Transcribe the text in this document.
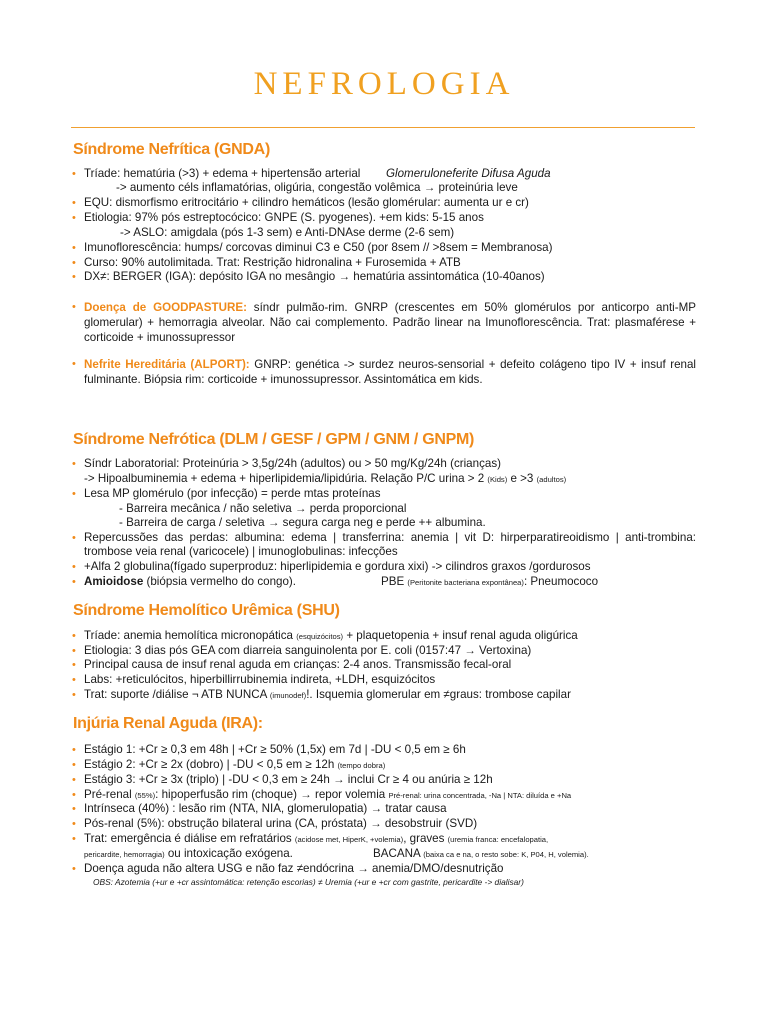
NEFROLOGIA
Síndrome Nefrítica (GNDA)
• Tríade: hematúria (>3) + edema + hipertensão arterial Glomeruloneferite Difusa Aguda

-> aumento céls inflamatórias, oligúria, congestão volêmica → proteinúria leve

• EQU: dismorfismo eritrocitário + cilindro hemáticos (lesão glomérular: aumenta ur e cr)

• Etiologia: 97% pós estreptocócico: GNPE (S. pyogenes). +em kids: 5-15 anos

-> ASLO: amigdala (pós 1-3 sem) e Anti-DNAse derme (2-6 sem)

• Imunoflorescência: humps/ corcovas diminui C3 e C50 (por 8sem // >8sem = Membranosa)

• Curso: 90% autolimitada. Trat: Restrição hidronalina + Furosemida + ATB

• DX≠: BERGER (IGA): depósito IGA no mesângio → hematúria assintomática (10-40anos)

• Doença de GOODPASTURE: síndr pulmão-rim. GNRP (crescentes em 50% glomérulos por anticorpo anti-MP glomerular) + hemorragia alveolar. Não cai complemento. Padrão linear na Imunoflorescência. Trat: plasmaférese + corticoide + imunossupressor

• Nefrite Hereditária (ALPORT): GNRP: genética -> surdez neuros-sensorial + defeito colágeno tipo IV + insuf renal fulminante. Biópsia rim: corticoide + imunossupressor. Assintomática em kids.

Síndrome Nefrótica (DLM / GESF / GPM / GNM / GNPM)
• Síndr Laboratorial: Proteinúria > 3,5g/24h (adultos) ou > 50 mg/Kg/24h (crianças)

-> Hipoalbuminemia + edema + hiperlipidemia/lipidúria. Relação P/C urina > 2 (Kids) e >3 (adultos)

• Lesa MP glomérulo (por infecção) = perde mtas proteínas

- Barreira mecânica / não seletiva → perda proporcional

- Barreira de carga / seletiva → segura carga neg e perde ++ albumina.

• Repercussões das perdas: albumina: edema | transferrina: anemia | vit D: hirperparatireoidismo | anti-trombina: trombose veia renal (varicocele) | imunoglobulinas: infecções

• +Alfa 2 globulina(fígado superproduz: hiperlipidemia e gordura xixi) -> cilindros graxos /gordurosos

• Amioidose (biópsia vermelho do congo).	PBE (Peritonite bacteriana expontânea): Pneumococo

Síndrome Hemolítico Urêmica (SHU)
• Tríade: anemia hemolítica micronopática (esquizócitos) + plaquetopenia + insuf renal aguda oligúrica

• Etiologia: 3 dias pós GEA com diarreia sanguinolenta por E. coli (0157:47 → Vertoxina)

• Principal causa de insuf renal aguda em crianças: 2-4 anos. Transmissão fecal-oral

• Labs: +reticulócitos, hiperbillirrubinemia indireta, +LDH, esquizócitos

• Trat: suporte /diálise ¬ ATB NUNCA (imunodef)!. Isquemia glomerular em ≠graus: trombose capilar

Injúria Renal Aguda (IRA):
• Estágio 1: +Cr ≥ 0,3 em 48h | +Cr ≥ 50% (1,5x) em 7d | -DU < 0,5 em ≥ 6h

• Estágio 2: +Cr ≥ 2x (dobro) | -DU < 0,5 em ≥ 12h (tempo dobra)

• Estágio 3: +Cr ≥ 3x (triplo) | -DU < 0,3 em ≥ 24h → inclui Cr ≥ 4 ou anúria ≥ 12h

• Pré-renal (55%): hipoperfusão rim (choque) → repor volemia Pré-renal: urina concentrada, -Na | NTA: diluída e +Na

• Intrínseca (40%) : lesão rim (NTA, NIA, glomerulopatia) → tratar causa

• Pós-renal (5%): obstrução bilateral urina (CA, próstata) → desobstruir (SVD)

• Trat: emergência é diálise em refratários (acidose met, HiperK, +volemia), graves (uremia franca: encefalopatia,

pericardite, hemorragia) ou intoxicação exógena.	BACANA (baixa ca e na, o resto sobe: K, P04, H, volemia).

• Doença aguda não altera USG e não faz ≠endócrina → anemia/DMO/desnutrição

OBS: Azotemia (+ur e +cr assintomática: retenção escorias) ≠ Uremia (+ur e +cr com gastrite, pericardite -> dialisar)
